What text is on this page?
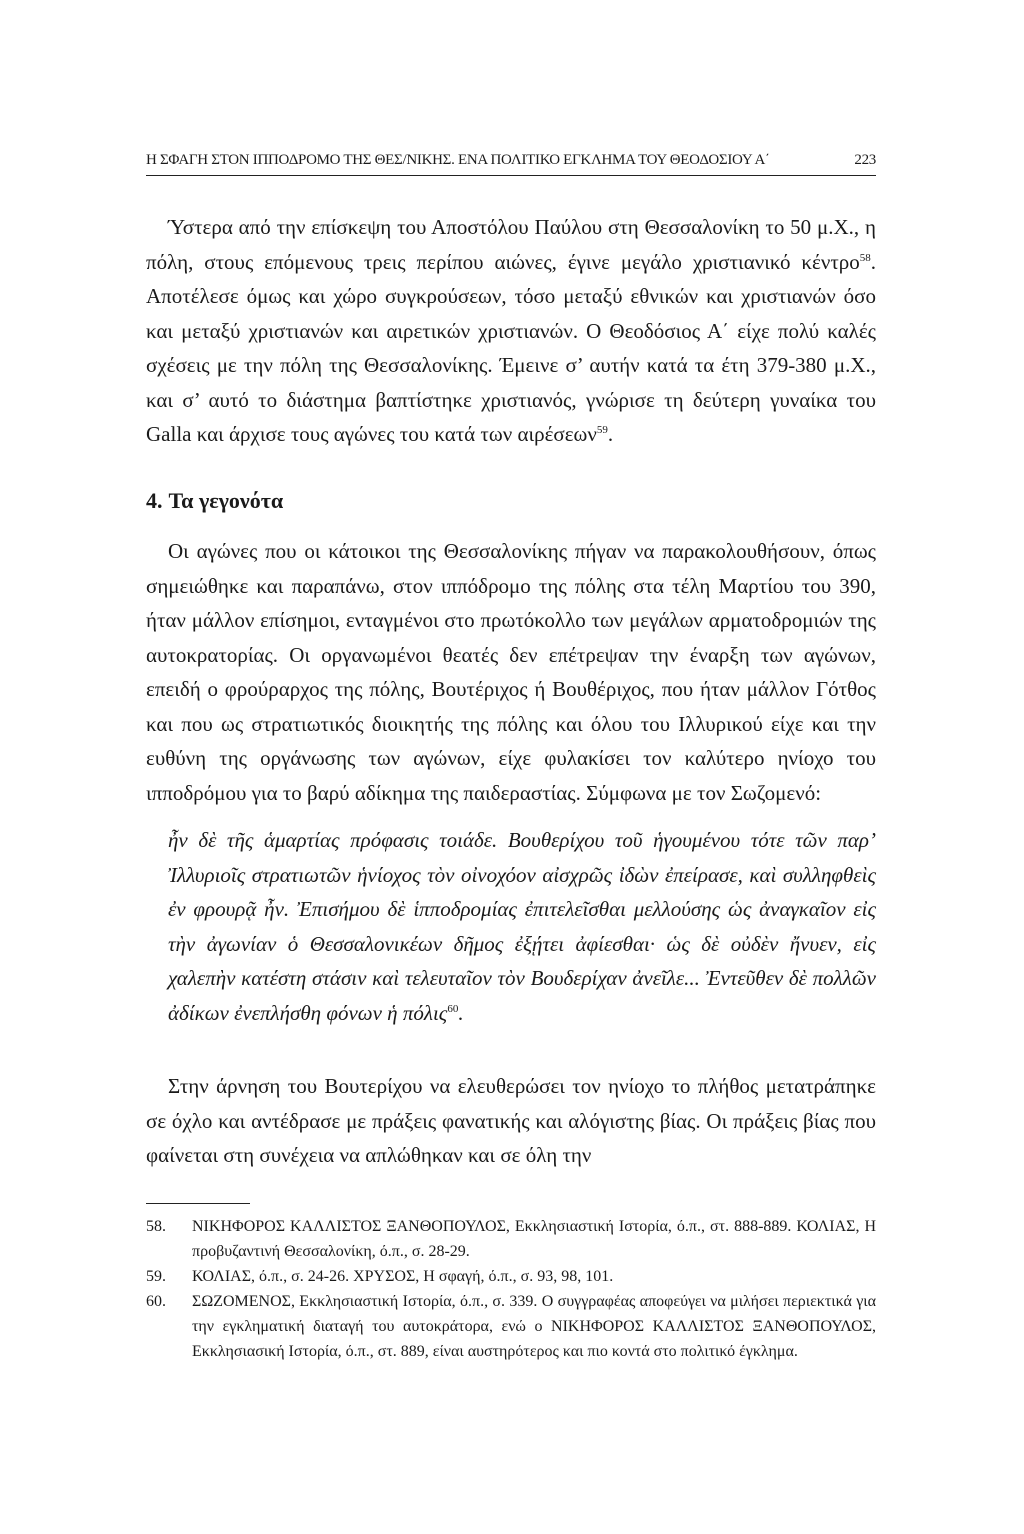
Η ΣΦΑΓΗ ΣΤΟΝ ΙΠΠΟΔΡΟΜΟ ΤΗΣ ΘΕΣ/ΝΙΚΗΣ. ΕΝΑ ΠΟΛΙΤΙΚΟ ΕΓΚΛΗΜΑ ΤΟΥ ΘΕΟΔΟΣΙΟΥ Α΄	223

Ύστερα από την επίσκεψη του Αποστόλου Παύλου στη Θεσσαλονίκη το 50 μ.Χ., η πόλη, στους επόμενους τρεις περίπου αιώνες, έγινε μεγάλο χριστιανικό κέντρο$^{58}$. Αποτέλεσε όμως και χώρο συγκρούσεων, τόσο μεταξύ εθνικών και χριστιανών όσο και μεταξύ χριστιανών και αιρετικών χριστιανών. Ο Θεοδόσιος Α΄ είχε πολύ καλές σχέσεις με την πόλη της Θεσσαλονίκης. Έμεινε σ’ αυτήν κατά τα έτη 379-380 μ.Χ., και σ’ αυτό το διάστημα βαπτίστηκε χριστιανός, γνώρισε τη δεύτερη γυναίκα του Galla και άρχισε τους αγώνες του κατά των αιρέσεων$^{59}$.

4. Τα γεγονότα

Οι αγώνες που οι κάτοικοι της Θεσσαλονίκης πήγαν να παρακολουθήσουν, όπως σημειώθηκε και παραπάνω, στον ιππόδρομο της πόλης στα τέλη Μαρτίου του 390, ήταν μάλλον επίσημοι, ενταγμένοι στο πρωτόκολλο των μεγάλων αρματοδρομιών της αυτοκρατορίας. Οι οργανωμένοι θεατές δεν επέτρεψαν την έναρξη των αγώνων, επειδή ο φρούραρχος της πόλης, Βουτέριχος ή Βουθέριχος, που ήταν μάλλον Γότθος και που ως στρατιωτικός διοικητής της πόλης και όλου του Ιλλυρικού είχε και την ευθύνη της οργάνωσης των αγώνων, είχε φυλακίσει τον καλύτερο ηνίοχο του ιπποδρόμου για το βαρύ αδίκημα της παιδεραστίας. Σύμφωνα με τον Σωζομενό:

ἦν δὲ τῆς ἁμαρτίας πρόφασις τοιάδε. Βουθερίχου τοῦ ἡγουμένου τότε τῶν παρ’ Ἰλλυριοῖς στρατιωτῶν ἡνίοχος τὸν οἰνοχόον αἰσχρῶς ἰδὼν ἐπείρασε, καὶ συλληφθεὶς ἐν φρουρᾷ ἦν. Ἐπισήμου δὲ ἱπποδρομίας ἐπιτελεῖσθαι μελλούσης ὡς ἀναγκαῖον εἰς τὴν ἀγωνίαν ὁ Θεσσαλονικέων δῆμος ἐξῄτει ἀφίεσθαι· ὡς δὲ οὐδὲν ἤνυεν, εἰς χαλεπὴν κατέστη στάσιν καὶ τελευταῖον τὸν Βουδερίχαν ἀνεῖλε... Ἐντεῦθεν δὲ πολλῶν ἀδίκων ἐνεπλήσθη φόνων ἡ πόλις$^{60}$.

Στην άρνηση του Βουτερίχου να ελευθερώσει τον ηνίοχο το πλήθος μετατράπηκε σε όχλο και αντέδρασε με πράξεις φανατικής και αλόγιστης βίας. Οι πράξεις βίας που φαίνεται στη συνέχεια να απλώθηκαν και σε όλη την

58. ΝΙΚΗΦΟΡΟΣ ΚΑΛΛΙΣΤΟΣ ΞΑΝΘΟΠΟΥΛΟΣ, Εκκλησιαστική Ιστορία, ό.π., στ. 888-889. ΚΟΛΙΑΣ, Η προβυζαντινή Θεσσαλονίκη, ό.π., σ. 28-29.
59. ΚΟΛΙΑΣ, ό.π., σ. 24-26. ΧΡΥΣΟΣ, Η σφαγή, ό.π., σ. 93, 98, 101.
60. ΣΩΖΟΜΕΝΟΣ, Εκκλησιαστική Ιστορία, ό.π., σ. 339. Ο συγγραφέας αποφεύγει να μιλήσει περιεκτικά για την εγκληματική διαταγή του αυτοκράτορα, ενώ ο ΝΙΚΗΦΟΡΟΣ ΚΑΛΛΙΣΤΟΣ ΞΑΝΘΟΠΟΥΛΟΣ, Εκκλησιασική Ιστορία, ό.π., στ. 889, είναι αυστηρότερος και πιο κοντά στο πολιτικό έγκλημα.
